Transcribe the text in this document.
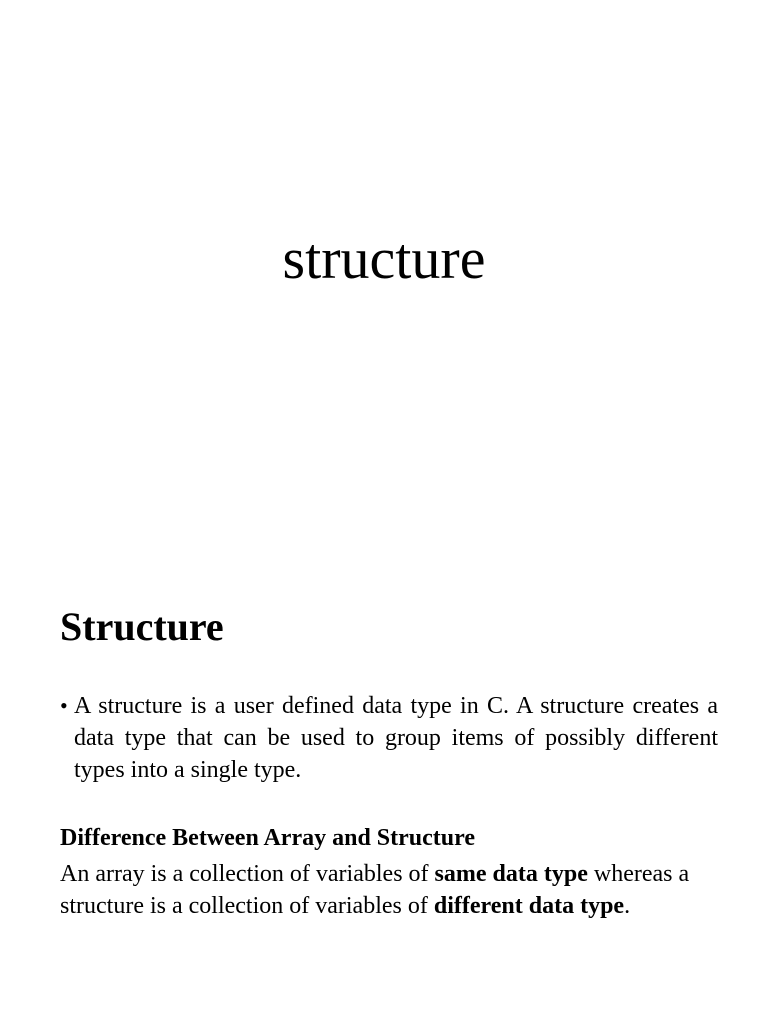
structure
Structure
• A structure is a user defined data type in C. A structure creates a data type that can be used to group items of possibly different types into a single type.

Difference Between Array and Structure

An array is a collection of variables of same data type whereas a structure is a collection of variables of different data type.
